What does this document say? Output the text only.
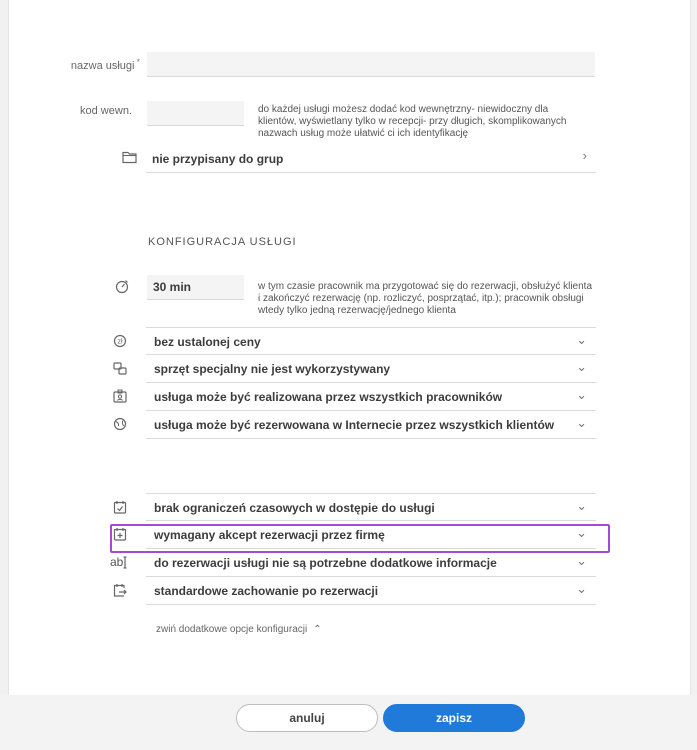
nazwa usługi *
kod wewn.	do każdej usługi możesz dodać kod wewnętrzny- niewidoczny dla klientów, wyświetlany tylko w recepcji- przy długich, skomplikowanych nazwach usług może ułatwić ci ich identyfikację
nie przypisany do grup	›
KONFIGURACJA USŁUGI
30 min	w tym czasie pracownik ma przygotować się do rezerwacji, obsłużyć klienta i zakończyć rezerwację (np. rozliczyć, posprzątać, itp.); pracownik obsługi wtedy tylko jedną rezerwację/jednego klienta
zł	bez ustalonej ceny	⌄
sprzęt specjalny nie jest wykorzystywany	⌄
usługa może być realizowana przez wszystkich pracowników	⌄
usługa może być rezerwowana w Internecie przez wszystkich klientów ⌄
brak ograniczeń czasowych w dostępie do usługi	⌄
wymagany akcept rezerwacji przez firmę	⌄
ab	do rezerwacji usługi nie są potrzebne dodatkowe informacje	⌄
standardowe zachowanie po rezerwacji	⌄
zwiń dodatkowe opcje konfiguracji ⌃
anuluj	zapisz
